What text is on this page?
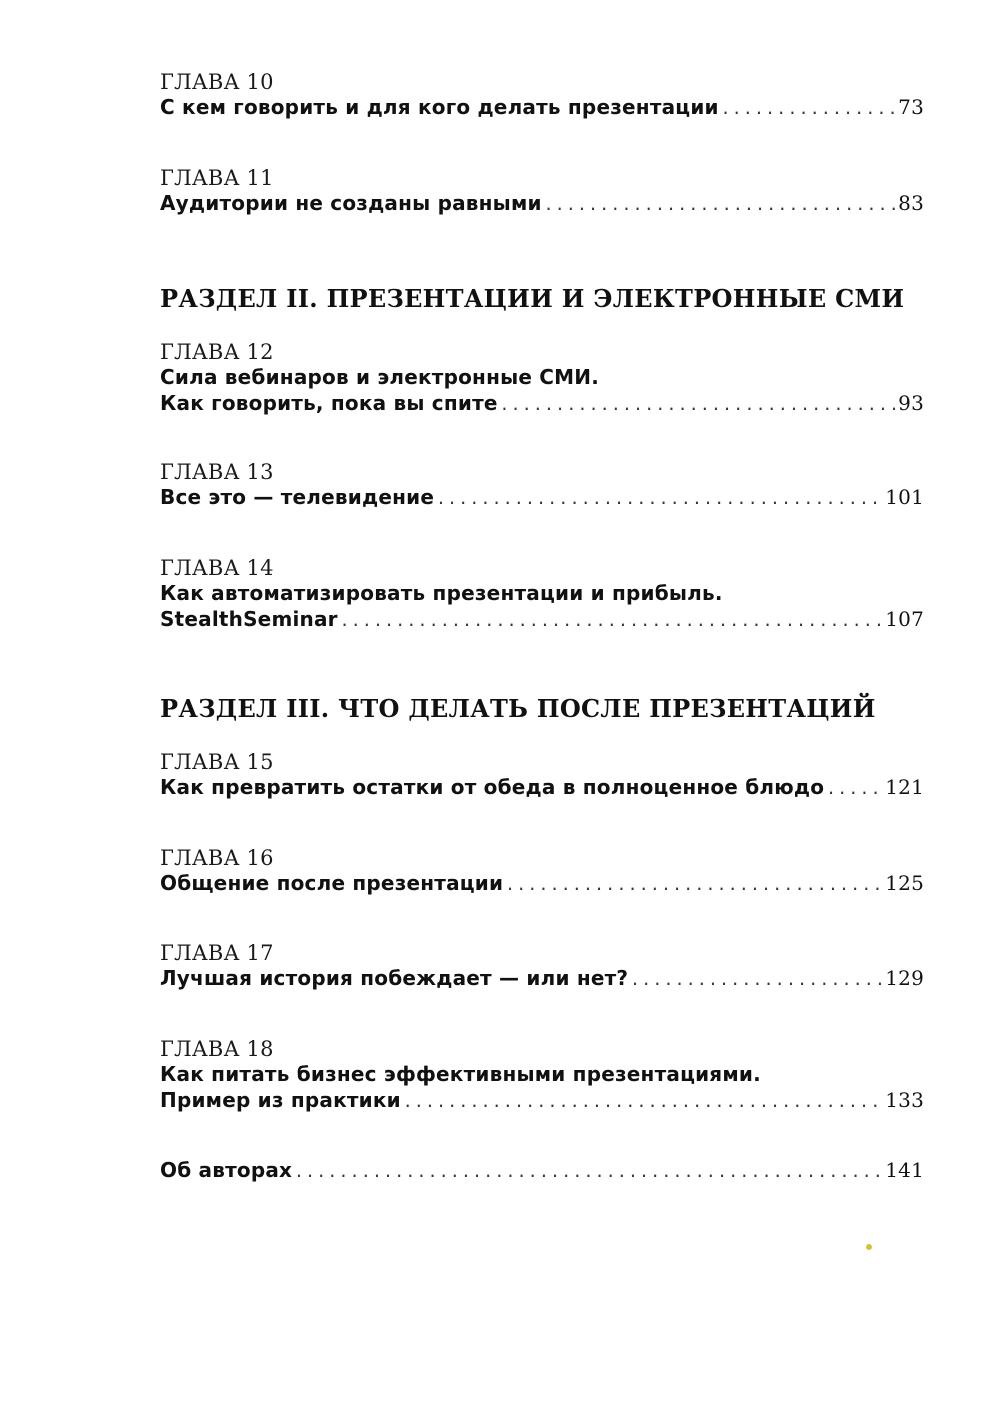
ГЛАВА 10
С кем говорить и для кого делать презентации .....	73
ГЛАВА 11
Аудитории не созданы равными .....	83
РАЗДЕЛ II. ПРЕЗЕНТАЦИИ И ЭЛЕКТРОННЫЕ СМИ
ГЛАВА 12
Сила вебинаров и электронные СМИ.
Как говорить, пока вы спите .....	93
ГЛАВА 13
Все это — телевидение .....	101
ГЛАВА 14
Как автоматизировать презентации и прибыль.
StealthSeminar .....	107
РАЗДЕЛ III. ЧТО ДЕЛАТЬ ПОСЛЕ ПРЕЗЕНТАЦИЙ
ГЛАВА 15
Как превратить остатки от обеда в полноценное блюдо .....	121
ГЛАВА 16
Общение после презентации .....	125
ГЛАВА 17
Лучшая история побеждает — или нет? .....	129
ГЛАВА 18
Как питать бизнес эффективными презентациями.
Пример из практики .....	133
Об авторах .....	141
